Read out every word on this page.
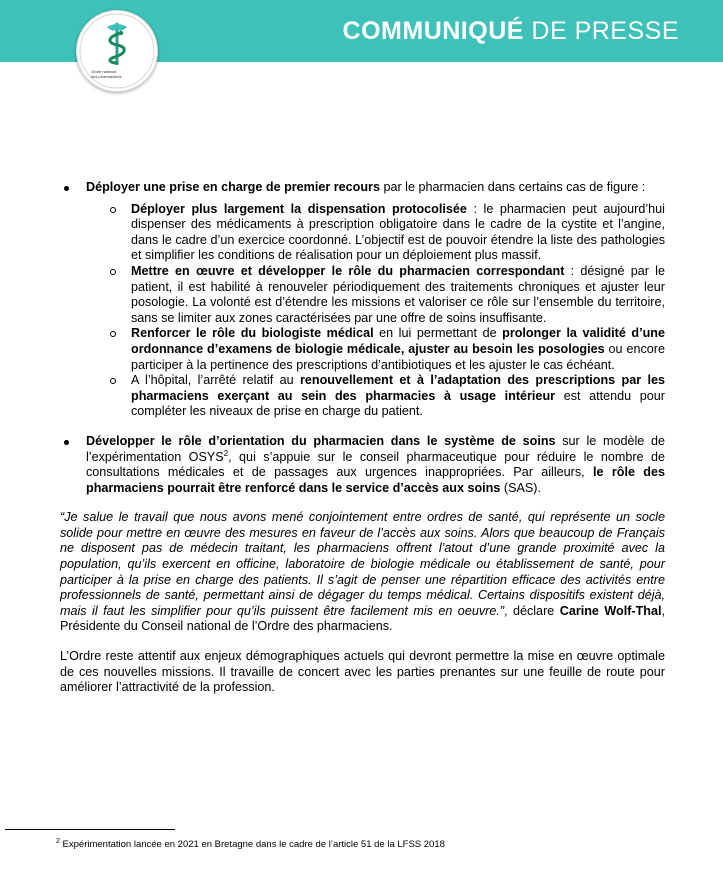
COMMUNIQUÉ DE PRESSE
Ordre national
des pharmaciens
Déployer une prise en charge de premier recours par le pharmacien dans certains cas de figure :
Déployer plus largement la dispensation protocolisée : le pharmacien peut aujourd’hui dispenser des médicaments à prescription obligatoire dans le cadre de la cystite et l’angine, dans le cadre d’un exercice coordonné. L’objectif est de pouvoir étendre la liste des pathologies et simplifier les conditions de réalisation pour un déploiement plus massif.
Mettre en œuvre et développer le rôle du pharmacien correspondant : désigné par le patient, il est habilité à renouveler périodiquement des traitements chroniques et ajuster leur posologie. La volonté est d’étendre les missions et valoriser ce rôle sur l’ensemble du territoire, sans se limiter aux zones caractérisées par une offre de soins insuffisante.
Renforcer le rôle du biologiste médical en lui permettant de prolonger la validité d’une ordonnance d’examens de biologie médicale, ajuster au besoin les posologies ou encore participer à la pertinence des prescriptions d’antibiotiques et les ajuster le cas échéant.
A l’hôpital, l’arrêté relatif au renouvellement et à l’adaptation des prescriptions par les pharmaciens exerçant au sein des pharmacies à usage intérieur est attendu pour compléter les niveaux de prise en charge du patient.
Développer le rôle d’orientation du pharmacien dans le système de soins sur le modèle de l’expérimentation OSYS$^2$, qui s’appuie sur le conseil pharmaceutique pour réduire le nombre de consultations médicales et de passages aux urgences inappropriées. Par ailleurs, le rôle des pharmaciens pourrait être renforcé dans le service d’accès aux soins (SAS).
“Je salue le travail que nous avons mené conjointement entre ordres de santé, qui représente un socle solide pour mettre en œuvre des mesures en faveur de l’accès aux soins. Alors que beaucoup de Français ne disposent pas de médecin traitant, les pharmaciens offrent l’atout d’une grande proximité avec la population, qu’ils exercent en officine, laboratoire de biologie médicale ou établissement de santé, pour participer à la prise en charge des patients. Il s’agit de penser une répartition efficace des activités entre professionnels de santé, permettant ainsi de dégager du temps médical. Certains dispositifs existent déjà, mais il faut les simplifier pour qu’ils puissent être facilement mis en oeuvre.”, déclare Carine Wolf-Thal, Présidente du Conseil national de l’Ordre des pharmaciens.
L’Ordre reste attentif aux enjeux démographiques actuels qui devront permettre la mise en œuvre optimale de ces nouvelles missions. Il travaille de concert avec les parties prenantes sur une feuille de route pour améliorer l’attractivité de la profession.
$^2$ Expérimentation lancée en 2021 en Bretagne dans le cadre de l’article 51 de la LFSS 2018
